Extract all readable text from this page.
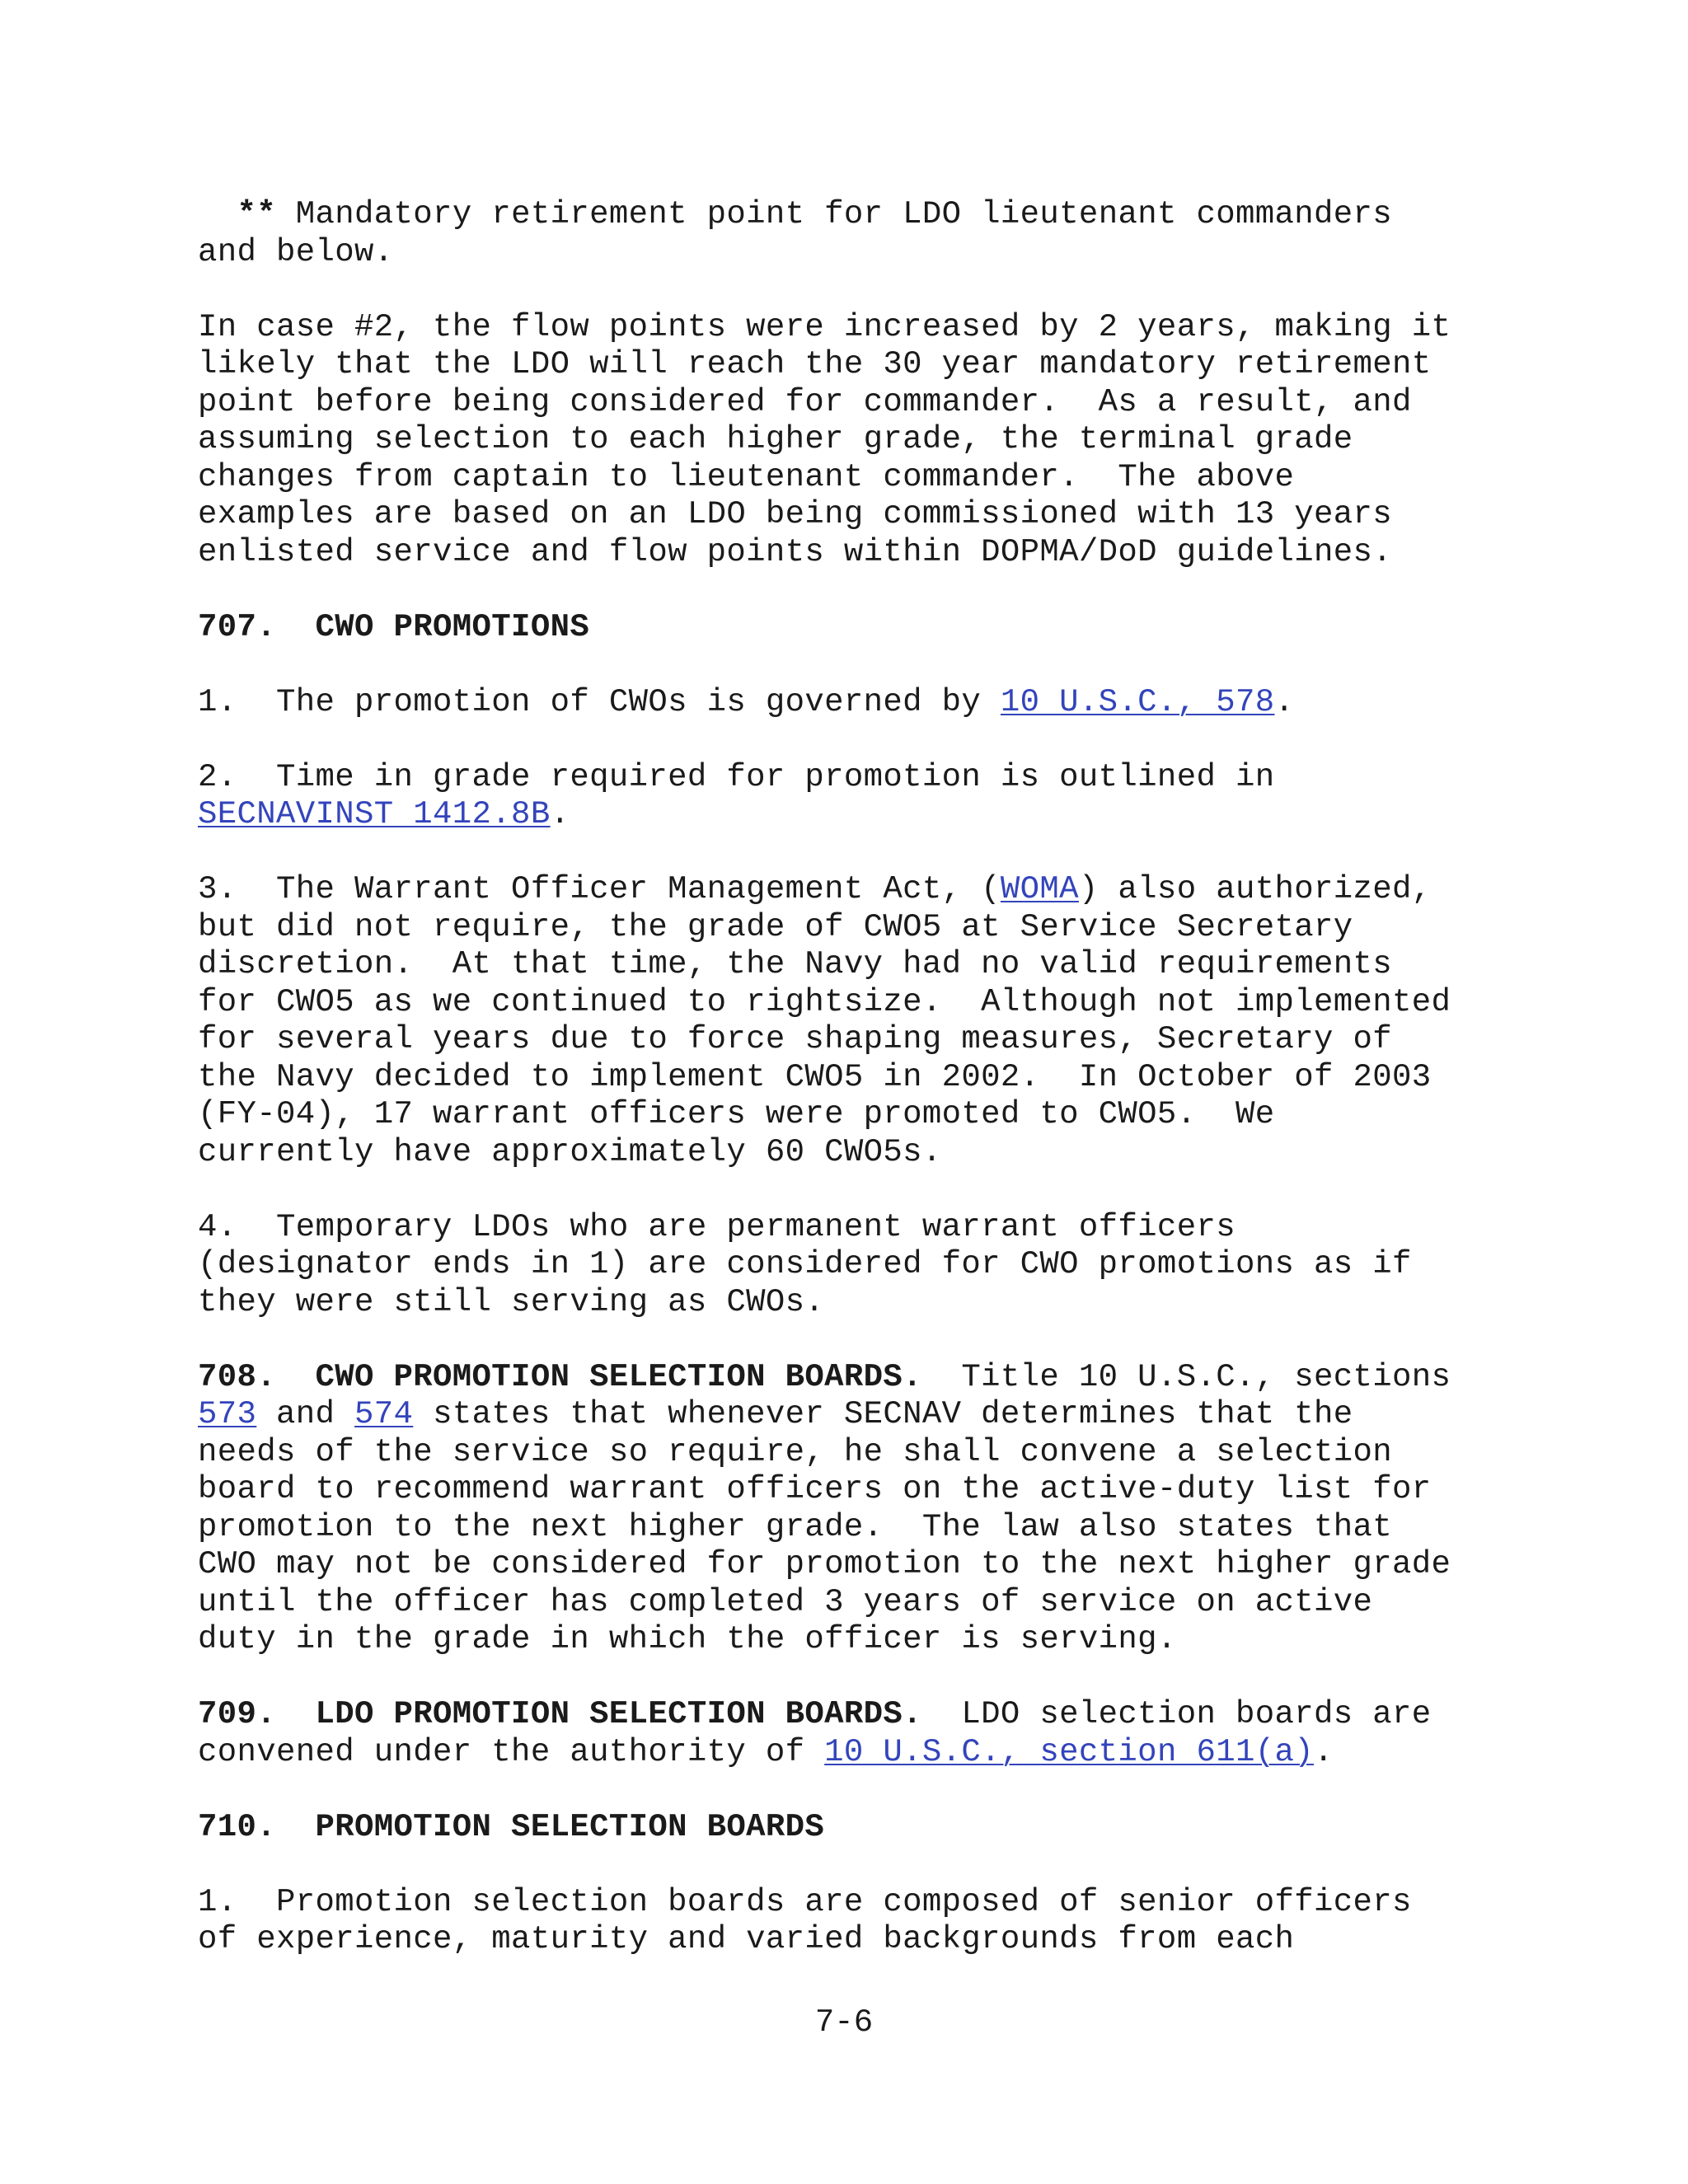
** Mandatory retirement point for LDO lieutenant commanders
and below.
In case #2, the flow points were increased by 2 years, making it
likely that the LDO will reach the 30 year mandatory retirement
point before being considered for commander.  As a result, and
assuming selection to each higher grade, the terminal grade
changes from captain to lieutenant commander.  The above
examples are based on an LDO being commissioned with 13 years
enlisted service and flow points within DOPMA/DoD guidelines.
707.  CWO PROMOTIONS
1.  The promotion of CWOs is governed by 10 U.S.C., 578.
2.  Time in grade required for promotion is outlined in
SECNAVINST 1412.8B.
3.  The Warrant Officer Management Act, (WOMA) also authorized,
but did not require, the grade of CWO5 at Service Secretary
discretion.  At that time, the Navy had no valid requirements
for CWO5 as we continued to rightsize.  Although not implemented
for several years due to force shaping measures, Secretary of
the Navy decided to implement CWO5 in 2002.  In October of 2003
(FY-04), 17 warrant officers were promoted to CWO5.  We
currently have approximately 60 CWO5s.
4.  Temporary LDOs who are permanent warrant officers
(designator ends in 1) are considered for CWO promotions as if
they were still serving as CWOs.
708.  CWO PROMOTION SELECTION BOARDS.  Title 10 U.S.C., sections
573 and 574 states that whenever SECNAV determines that the
needs of the service so require, he shall convene a selection
board to recommend warrant officers on the active-duty list for
promotion to the next higher grade.  The law also states that
CWO may not be considered for promotion to the next higher grade
until the officer has completed 3 years of service on active
duty in the grade in which the officer is serving.
709.  LDO PROMOTION SELECTION BOARDS.  LDO selection boards are
convened under the authority of 10 U.S.C., section 611(a).
710.  PROMOTION SELECTION BOARDS
1.  Promotion selection boards are composed of senior officers
of experience, maturity and varied backgrounds from each
7-6
